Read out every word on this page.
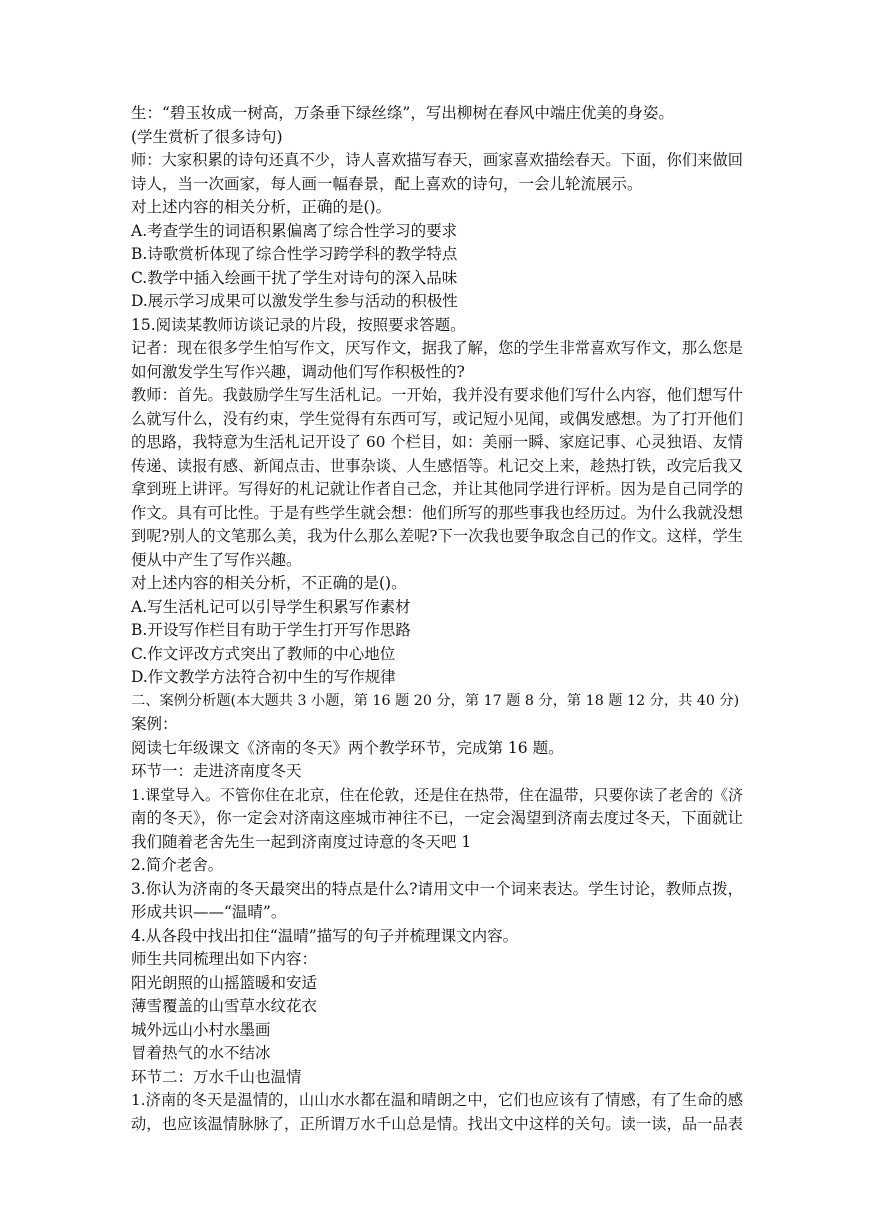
生：“碧玉妆成一树高，万条垂下绿丝绦”，写出柳树在春风中端庄优美的身姿。
(学生赏析了很多诗句)
师：大家积累的诗句还真不少，诗人喜欢描写春天，画家喜欢描绘春天。下面，你们来做回
诗人，当一次画家，每人画一幅春景，配上喜欢的诗句，一会儿轮流展示。
对上述内容的相关分析，正确的是()。
A.考查学生的词语积累偏离了综合性学习的要求
B.诗歌赏析体现了综合性学习跨学科的教学特点
C.教学中插入绘画干扰了学生对诗句的深入品味
D.展示学习成果可以激发学生参与活动的积极性
15.阅读某教师访谈记录的片段，按照要求答题。
记者：现在很多学生怕写作文，厌写作文，据我了解，您的学生非常喜欢写作文，那么您是
如何激发学生写作兴趣，调动他们写作积极性的?
教师：首先。我鼓励学生写生活札记。一开始，我并没有要求他们写什么内容，他们想写什
么就写什么，没有约束，学生觉得有东西可写，或记短小见闻，或偶发感想。为了打开他们
的思路，我特意为生活札记开设了 60 个栏目，如：美丽一瞬、家庭记事、心灵独语、友情
传递、读报有感、新闻点击、世事杂谈、人生感悟等。札记交上来，趁热打铁，改完后我又
拿到班上讲评。写得好的札记就让作者自己念，并让其他同学进行评析。因为是自己同学的
作文。具有可比性。于是有些学生就会想：他们所写的那些事我也经历过。为什么我就没想
到呢?别人的文笔那么美，我为什么那么差呢?下一次我也要争取念自己的作文。这样，学生
便从中产生了写作兴趣。
对上述内容的相关分析，不正确的是()。
A.写生活札记可以引导学生积累写作素材
B.开设写作栏目有助于学生打开写作思路
C.作文评改方式突出了教师的中心地位
D.作文教学方法符合初中生的写作规律
二、案例分析题(本大题共 3 小题，第 16 题 20 分，第 17 题 8 分，第 18 题 12 分，共 40 分)
案例：
阅读七年级课文《济南的冬天》两个教学环节，完成第 16 题。
环节一：走进济南度冬天
1.课堂导入。不管你住在北京，住在伦敦，还是住在热带，住在温带，只要你读了老舍的《济
南的冬天》，你一定会对济南这座城市神往不已，一定会渴望到济南去度过冬天，下面就让
我们随着老舍先生一起到济南度过诗意的冬天吧 1
2.简介老舍。
3.你认为济南的冬天最突出的特点是什么?请用文中一个词来表达。学生讨论，教师点拨，
形成共识——“温晴”。
4.从各段中找出扣住“温晴”描写的句子并梳理课文内容。
师生共同梳理出如下内容：
阳光朗照的山摇篮暖和安适
薄雪覆盖的山雪草水纹花衣
城外远山小村水墨画
冒着热气的水不结冰
环节二：万水千山也温情
1.济南的冬天是温情的，山山水水都在温和晴朗之中，它们也应该有了情感，有了生命的感
动，也应该温情脉脉了，正所谓万水千山总是情。找出文中这样的关句。读一读，品一品表
